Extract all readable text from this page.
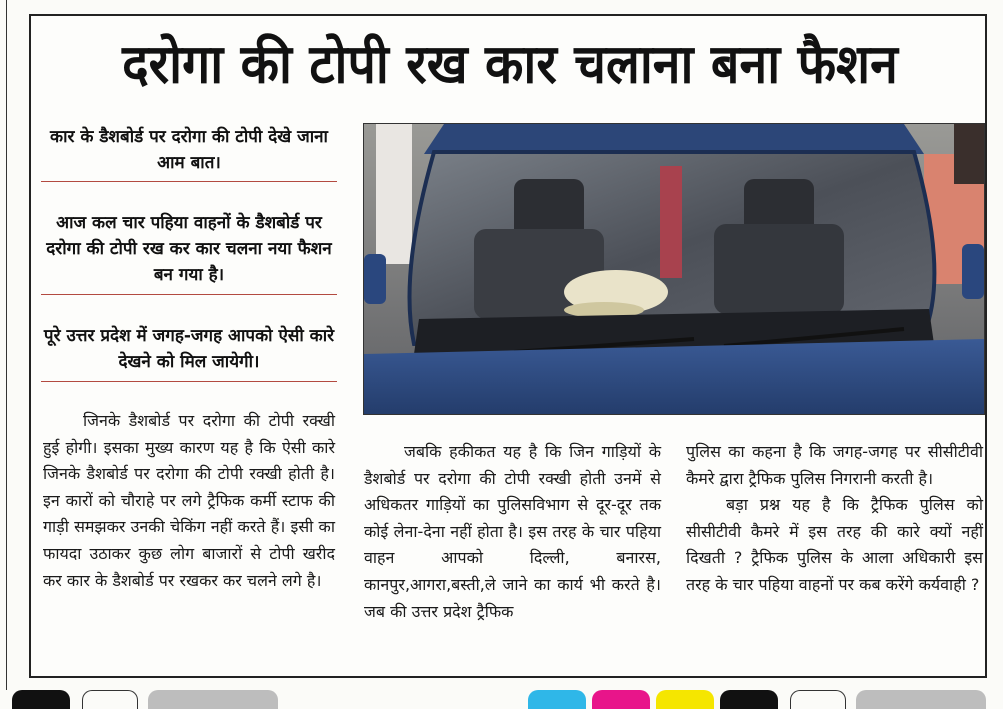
दरोगा की टोपी रख कार चलाना बना फैशन
कार के डैशबोर्ड पर दरोगा की टोपी देखे जाना आम बात।
आज कल चार पहिया वाहनों के डैशबोर्ड पर दरोगा की टोपी रख कर कार चलना नया फैशन बन गया है।
पूरे उत्तर प्रदेश में जगह-जगह आपको ऐसी कारे देखने को मिल जायेगी।
जिनके डैशबोर्ड पर दरोगा की टोपी रक्खी हुई होगी। इसका मुख्य कारण यह है कि ऐसी कारे जिनके डैशबोर्ड पर दरोगा की टोपी रक्खी होती है। इन कारों को चौराहे पर लगे ट्रैफिक कर्मी स्टाफ की गाड़ी समझकर उनकी चेकिंग नहीं करते हैं। इसी का फायदा उठाकर कुछ लोग बाजारों से टोपी खरीद कर कार के डैशबोर्ड पर रखकर कर चलने लगे है।
जबकि हकीकत यह है कि जिन गाड़ियों के डैशबोर्ड पर दरोगा की टोपी रक्खी होती उनमें से अधिकतर गाड़ियों का पुलिसविभाग से दूर-दूर तक कोई लेना-देना नहीं होता है। इस तरह के चार पहिया वाहन आपको दिल्ली, बनारस, कानपुर,आगरा,बस्ती,ले जाने का कार्य भी करते है। जब की उत्तर प्रदेश ट्रैफिक

पुलिस का कहना है कि जगह-जगह पर सीसीटीवी कैमरे द्वारा ट्रैफिक पुलिस निगरानी करती है।

बड़ा प्रश्न यह है कि ट्रैफिक पुलिस को सीसीटीवी कैमरे में इस तरह की कारे क्यों नहीं दिखती ? ट्रैफिक पुलिस के आला अधिकारी इस तरह के चार पहिया वाहनों पर कब करेंगे कर्यवाही ?
